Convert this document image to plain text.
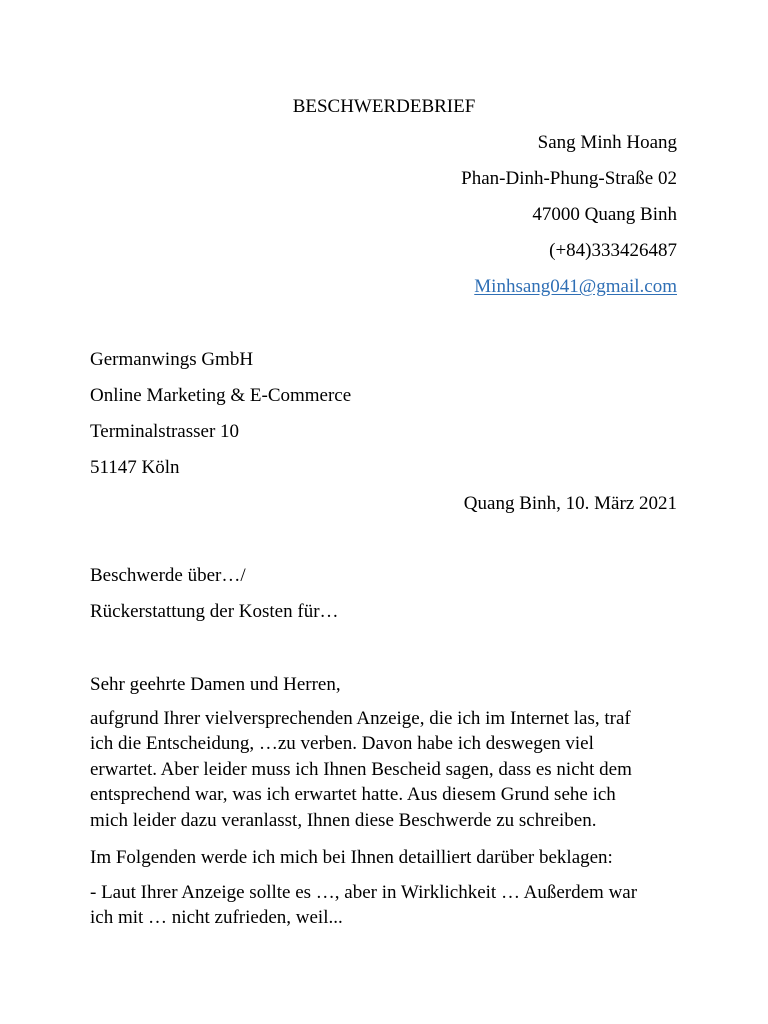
BESCHWERDEBRIEF
Sang Minh Hoang
Phan-Dinh-Phung-Straße 02
47000 Quang Binh
(+84)333426487
Minhsang041@gmail.com
Germanwings GmbH
Online Marketing & E-Commerce
Terminalstrasser 10
51147 Köln
Quang Binh, 10. März 2021
Beschwerde über…/
Rückerstattung der Kosten für…
Sehr geehrte Damen und Herren,
aufgrund Ihrer vielversprechenden Anzeige, die ich im Internet las, traf
ich die Entscheidung, …zu verben. Davon habe ich deswegen viel
erwartet. Aber leider muss ich Ihnen Bescheid sagen, dass es nicht dem
entsprechend war, was ich erwartet hatte. Aus diesem Grund sehe ich
mich leider dazu veranlasst, Ihnen diese Beschwerde zu schreiben.
Im Folgenden werde ich mich bei Ihnen detailliert darüber beklagen:
- Laut Ihrer Anzeige sollte es …, aber in Wirklichkeit … Außerdem war
ich mit … nicht zufrieden, weil...
